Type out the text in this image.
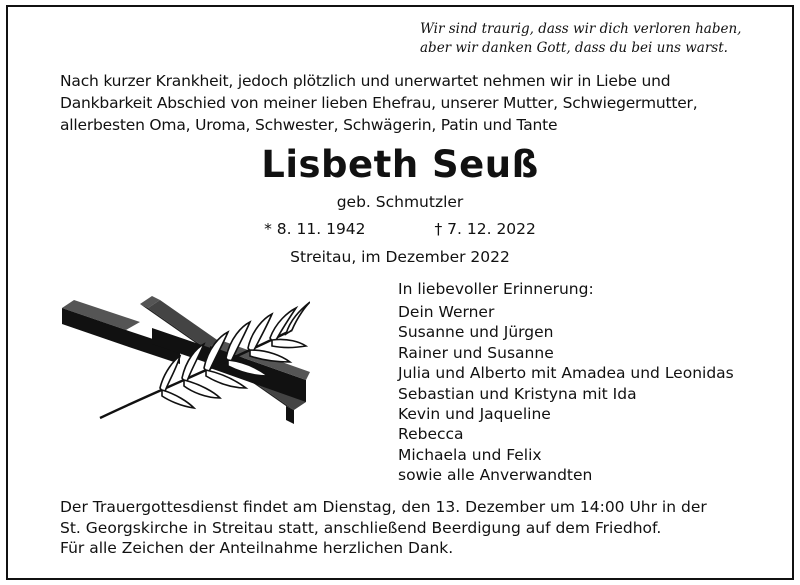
Wir sind traurig, dass wir dich verloren haben,
aber wir danken Gott, dass du bei uns warst.
Nach kurzer Krankheit, jedoch plötzlich und unerwartet nehmen wir in Liebe und
Dankbarkeit Abschied von meiner lieben Ehefrau, unserer Mutter, Schwiegermutter,
allerbesten Oma, Uroma, Schwester, Schwägerin, Patin und Tante
Lisbeth Seuß
geb. Schmutzler
* 8. 11. 1942	† 7. 12. 2022
Streitau, im Dezember 2022
In liebevoller Erinnerung:
Dein Werner
Susanne und Jürgen
Rainer und Susanne
Julia und Alberto mit Amadea und Leonidas
Sebastian und Kristyna mit Ida
Kevin und Jaqueline
Rebecca
Michaela und Felix
sowie alle Anverwandten
Der Trauergottesdienst findet am Dienstag, den 13. Dezember um 14:00 Uhr in der
St. Georgskirche in Streitau statt, anschließend Beerdigung auf dem Friedhof.
Für alle Zeichen der Anteilnahme herzlichen Dank.
